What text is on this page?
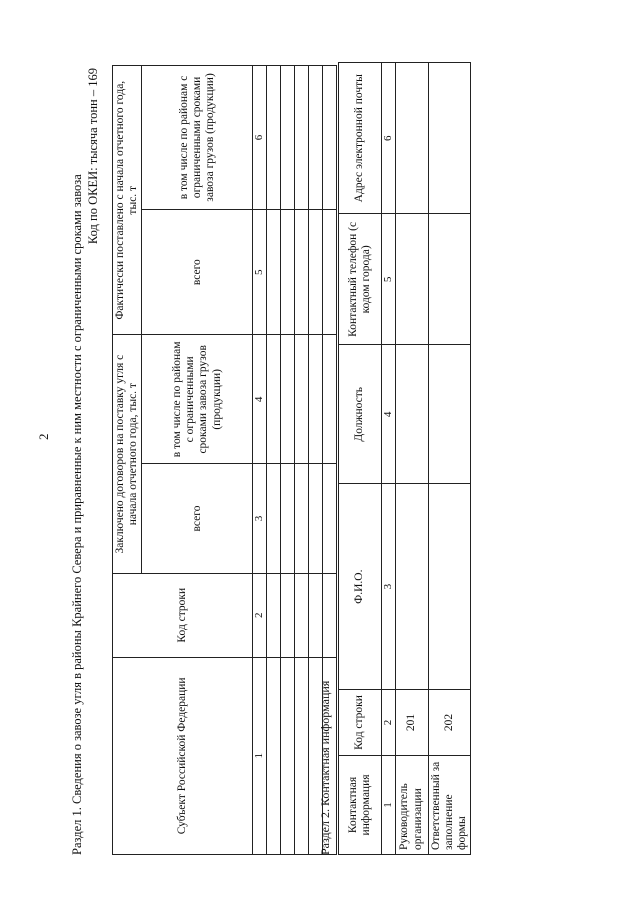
2 Раздел 1. Сведения о завозе угля в районы Крайнего Севера и приравненные к ним местности с ограниченными сроками завоза
Код по ОКЕИ: тысяча тонн – 169
Субъект Российской Федерации	Код строки	Заключено договоров на поставку угля с начала отчетного года, тыс. т		Фактически поставлено с начала отчетного года, тыс. т	
		всего	в том числе по районам с ограниченными сроками завоза грузов (продукции)	всего	в том числе по районам с ограниченными сроками завоза грузов (продукции)
1	2	3	4	5	6

Раздел 2. Контактная информация Контактная информация	Код строки	Ф.И.О.	Должность	Контактный телефон (с кодом города)	Адрес электронной почты
1	2	3	4	5	6
Руководитель организации	201				
Ответственный за заполнение формы	202				
